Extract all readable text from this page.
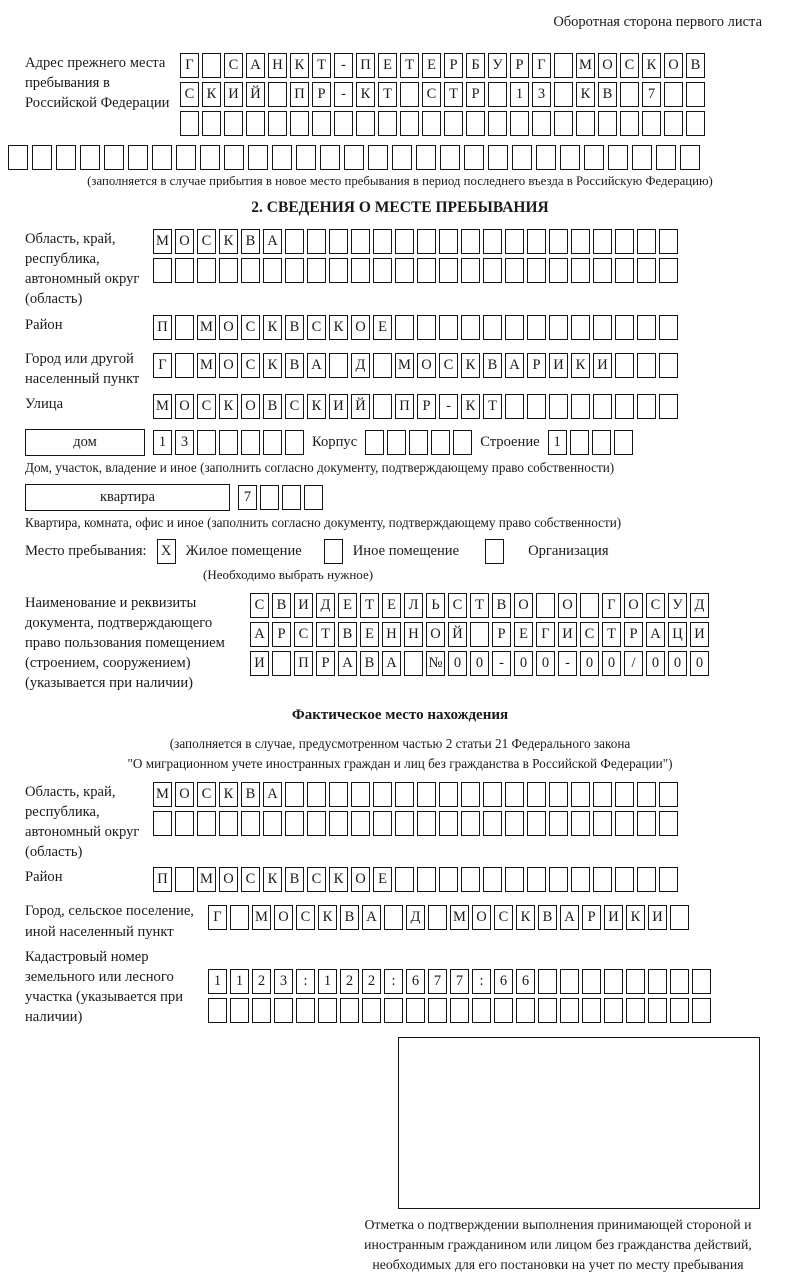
Оборотная сторона первого листа
Адрес прежнего места пребывания в Российской Федерации
Г	С А Н К Т	- П Е Т Е Р Б У Р Г	М О С К О В
С К И Й П Р	-	К Т	С Т Р	1	3	К В	7
(заполняется в случае прибытия в новое место пребывания в период последнего въезда в Российскую Федерацию)
2. СВЕДЕНИЯ О МЕСТЕ ПРЕБЫВАНИЯ
Область, край, республика, автономный округ (область)
М О С К В А
Район	П М О С К В С К О Е
Город или другой населенный пункт
Г	М О С К В А	Д	М О С К В А Р И К И
Улица	М О С К О В С К И Й П Р	-	К Т
дом	1	3	Корпус	Строение 1
Дом, участок, владение и иное (заполнить согласно документу, подтверждающему право собственности)
квартира	7
Квартира, комната, офис и иное (заполнить согласно документу, подтверждающему право собственности)
Место пребывания: X Жилое помещение	Иное помещение	Организация
(Необходимо выбрать нужное)
Наименование и реквизиты документа, подтверждающего право пользования помещением (строением, сооружением) (указывается при наличии)
С В И Д Е Т Е Л Ь С Т В О О	Г О С У Д
А Р С Т В Е Н Н О Й	Р Е Г И С Т Р А Ц И
И П Р А В А № 0	0	-	0	0	-	0	0	/	0	0	0
Фактическое место нахождения
(заполняется в случае, предусмотренном частью 2 статьи 21 Федерального закона
"О миграционном учете иностранных граждан и лиц без гражданства в Российской Федерации")
Область, край, республика, автономный округ (область)
М О С К В А
Район	П М О С К В С К О Е
Город, сельское поселение, иной населенный пункт
Г	М О С К В А	Д	М О С К В А Р И К И
Кадастровый номер земельного или лесного участка (указывается при наличии)
1	1	2	3	:	1	2	2	:	6	7	7	:	6	6
Отметка о подтверждении выполнения принимающей стороной и иностранным гражданином или лицом без гражданства действий, необходимых для его постановки на учет по месту пребывания
